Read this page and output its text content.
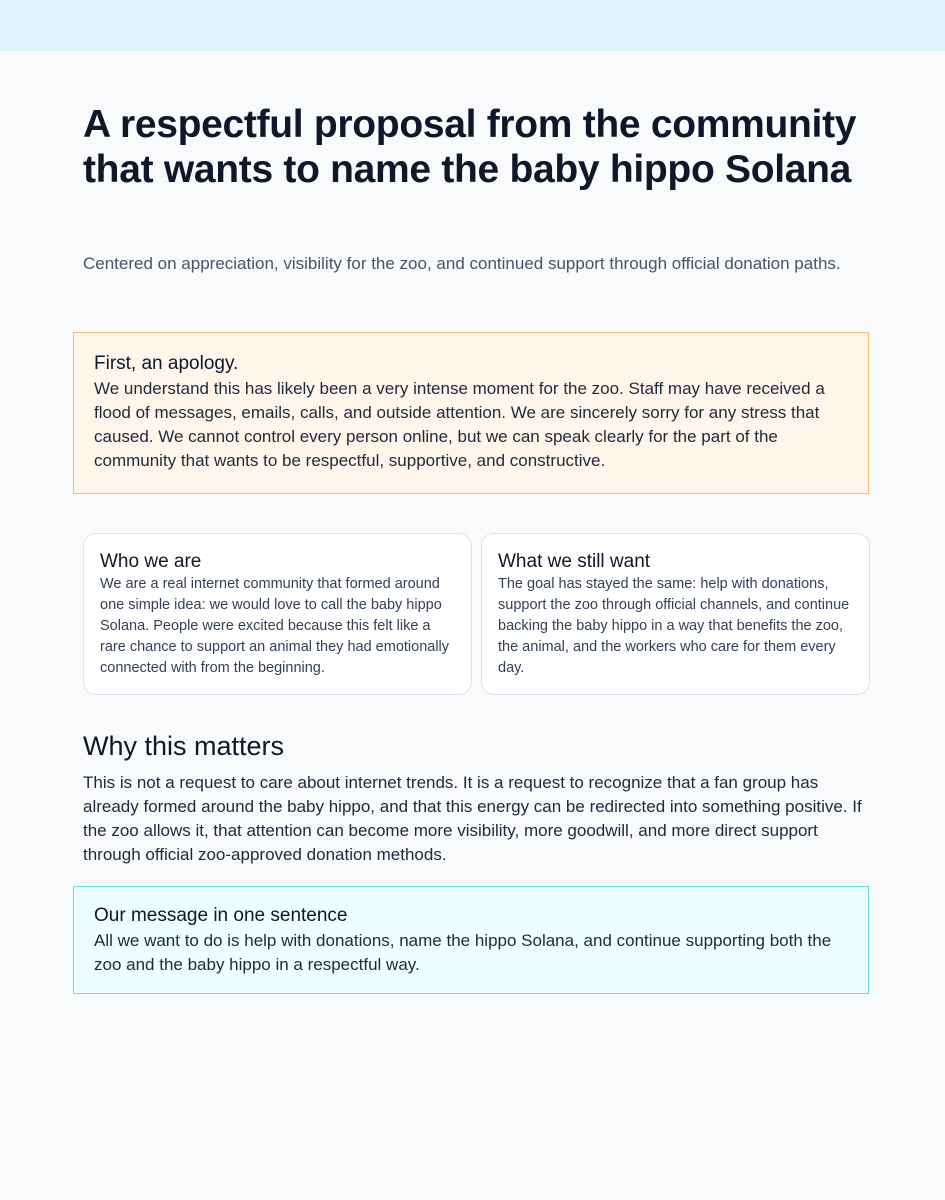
A respectful proposal from the community that wants to name the baby hippo Solana

Centered on appreciation, visibility for the zoo, and continued support through official donation paths.

First, an apology.

We understand this has likely been a very intense moment for the zoo. Staff may have received a flood of messages, emails, calls, and outside attention. We are sincerely sorry for any stress that caused. We cannot control every person online, but we can speak clearly for the part of the community that wants to be respectful, supportive, and constructive.

Who we are

We are a real internet community that formed around one simple idea: we would love to call the baby hippo Solana. People were excited because this felt like a rare chance to support an animal they had emotionally connected with from the beginning.

What we still want

The goal has stayed the same: help with donations, support the zoo through official channels, and continue backing the baby hippo in a way that benefits the zoo, the animal, and the workers who care for them every day.

Why this matters

This is not a request to care about internet trends. It is a request to recognize that a fan group has already formed around the baby hippo, and that this energy can be redirected into something positive. If the zoo allows it, that attention can become more visibility, more goodwill, and more direct support through official zoo-approved donation methods.

Our message in one sentence

All we want to do is help with donations, name the hippo Solana, and continue supporting both the zoo and the baby hippo in a respectful way.
